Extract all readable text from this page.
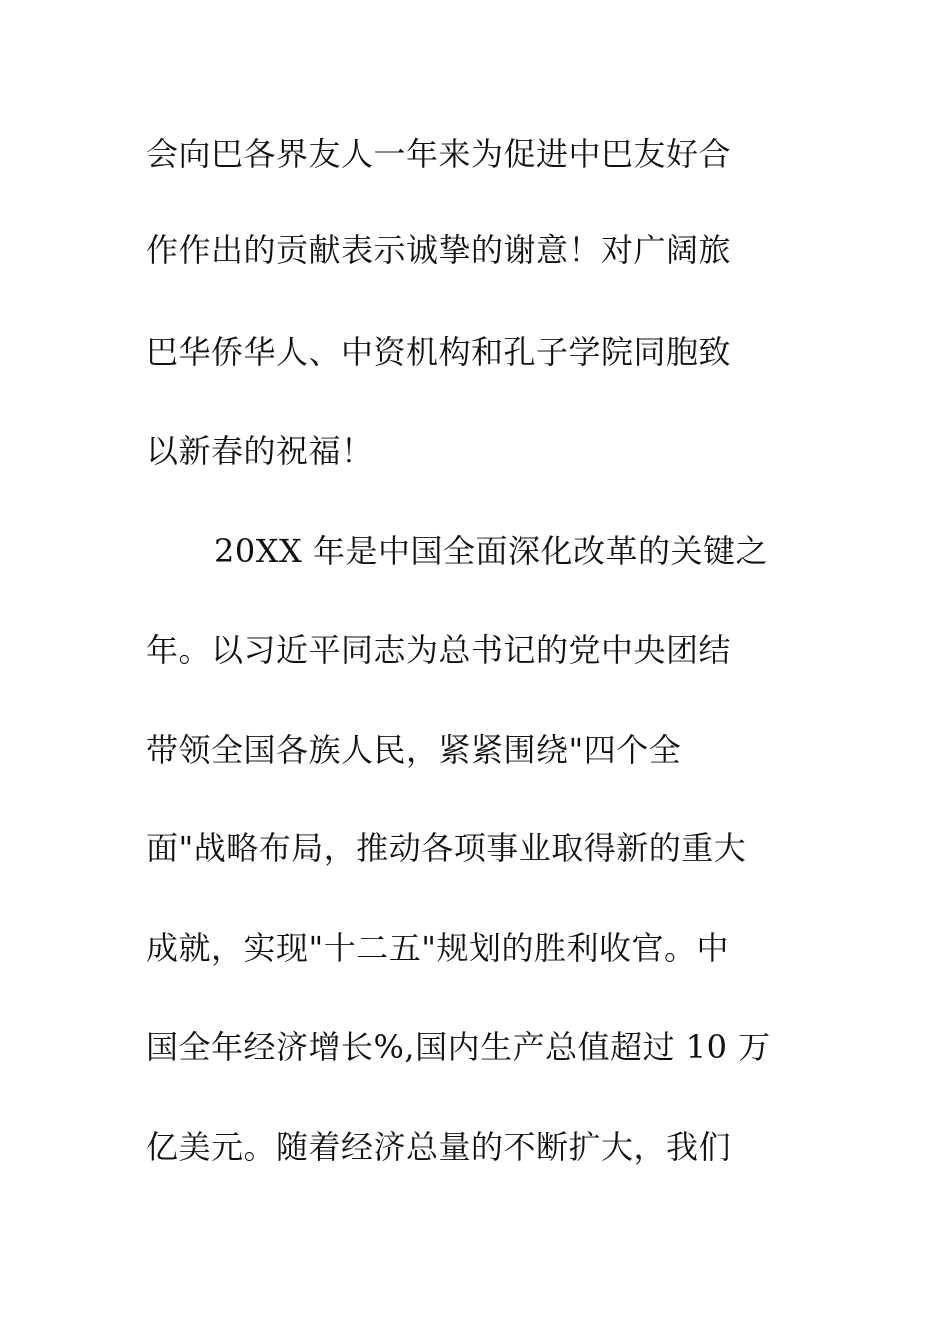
会向巴各界友人一年来为促进中巴友好合
作作出的贡献表示诚挚的谢意！对广阔旅
巴华侨华人、中资机构和孔子学院同胞致
以新春的祝福！
20XX 年是中国全面深化改革的关键之
年。以习近平同志为总书记的党中央团结
带领全国各族人民，紧紧围绕"四个全
面"战略布局，推动各项事业取得新的重大
成就，实现"十二五"规划的胜利收官。中
国全年经济增长%,国内生产总值超过 10 万
亿美元。随着经济总量的不断扩大，我们
